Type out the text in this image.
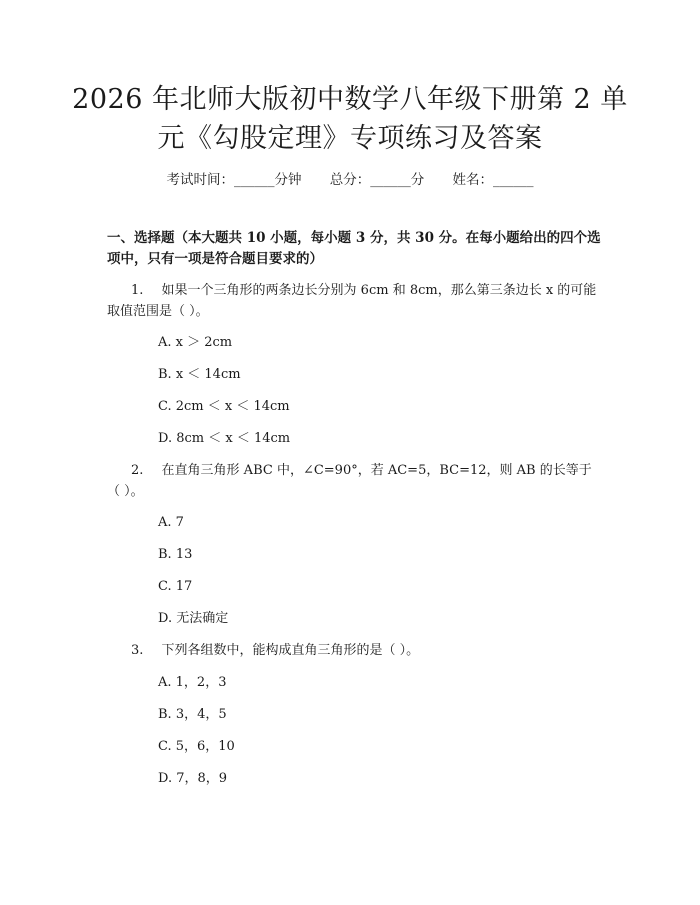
2026 年北师大版初中数学八年级下册第 2 单
元《勾股定理》专项练习及答案
考试时间：______分钟 总分：______分 姓名：______
一、选择题（本大题共 10 小题，每小题 3 分，共 30 分。在每小题给出的四个选
项中，只有一项是符合题目要求的）
1. 如果一个三角形的两条边长分别为 6cm 和 8cm，那么第三条边长 x 的可能
取值范围是（ ）。
A. x ＞ 2cm
B. x ＜ 14cm
C. 2cm ＜ x ＜ 14cm
D. 8cm ＜ x ＜ 14cm
2. 在直角三角形 ABC 中，∠C=90°，若 AC=5，BC=12，则 AB 的长等于
（ ）。
A. 7
B. 13
C. 17
D. 无法确定
3. 下列各组数中，能构成直角三角形的是（ ）。
A. 1，2，3
B. 3，4，5
C. 5，6，10
D. 7，8，9
